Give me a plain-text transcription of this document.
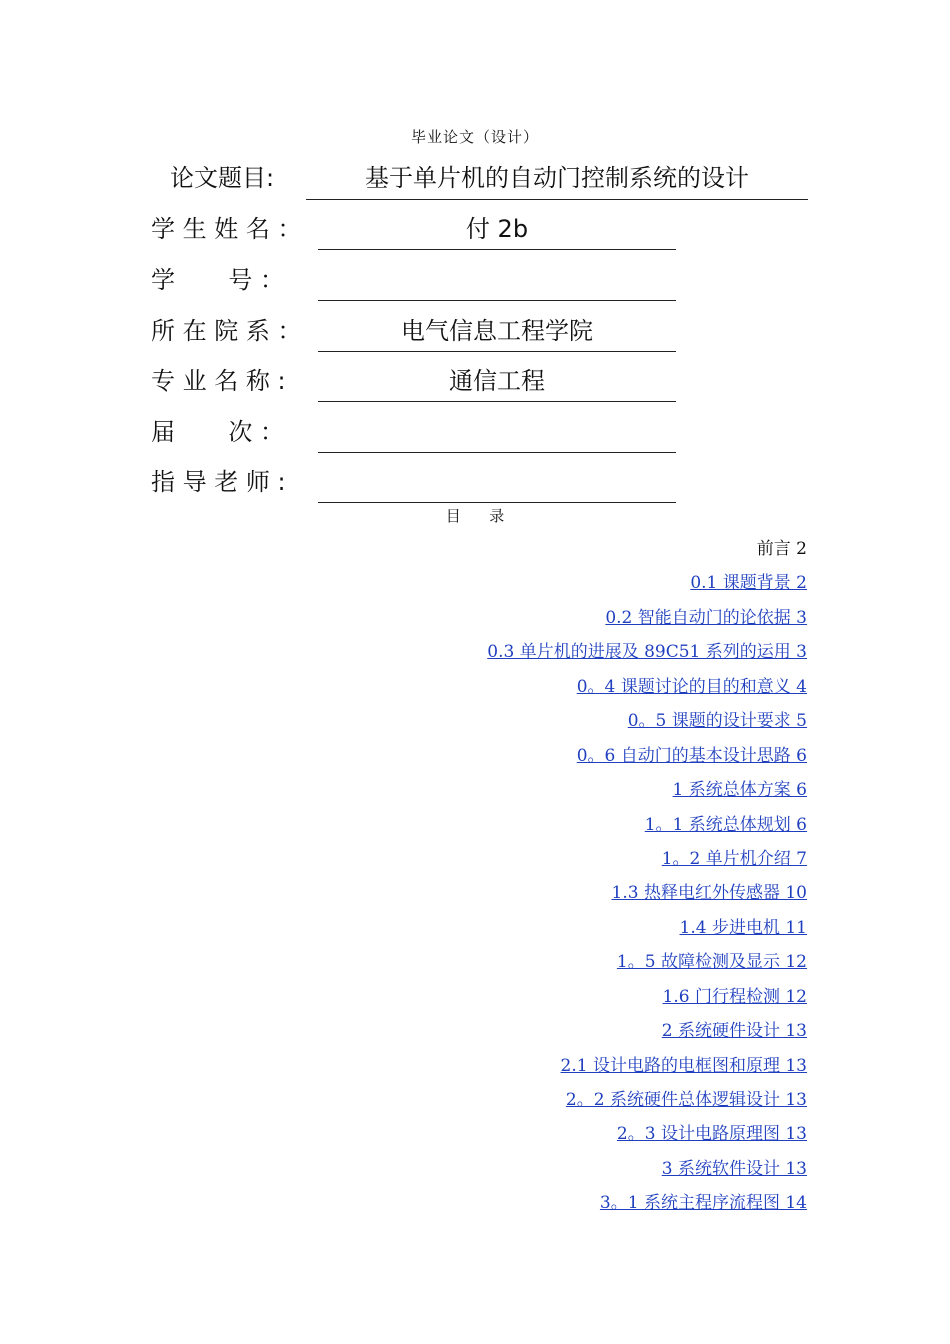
毕业论文（设计）
论文题目:	基于单片机的自动门控制系统的设计
学 生 姓 名 ：	付 2b
学       号 ：
所 在 院 系 ：	电气信息工程学院
专 业 名 称 :	通信工程
届       次 ：
指 导 老 师 :
目      录
前言 2
0.1 课题背景 2
0.2 智能自动门的论依据 3
0.3 单片机的进展及 89C51 系列的运用 3
0。4 课题讨论的目的和意义 4
0。5 课题的设计要求 5
0。6 自动门的基本设计思路 6
1 系统总体方案 6
1。1 系统总体规划 6
1。2 单片机介绍 7
1.3 热释电红外传感器 10
1.4 步进电机 11
1。5 故障检测及显示 12
1.6 门行程检测 12
2 系统硬件设计 13
2.1 设计电路的电框图和原理 13
2。2 系统硬件总体逻辑设计 13
2。3 设计电路原理图 13
3 系统软件设计 13
3。1 系统主程序流程图 14
